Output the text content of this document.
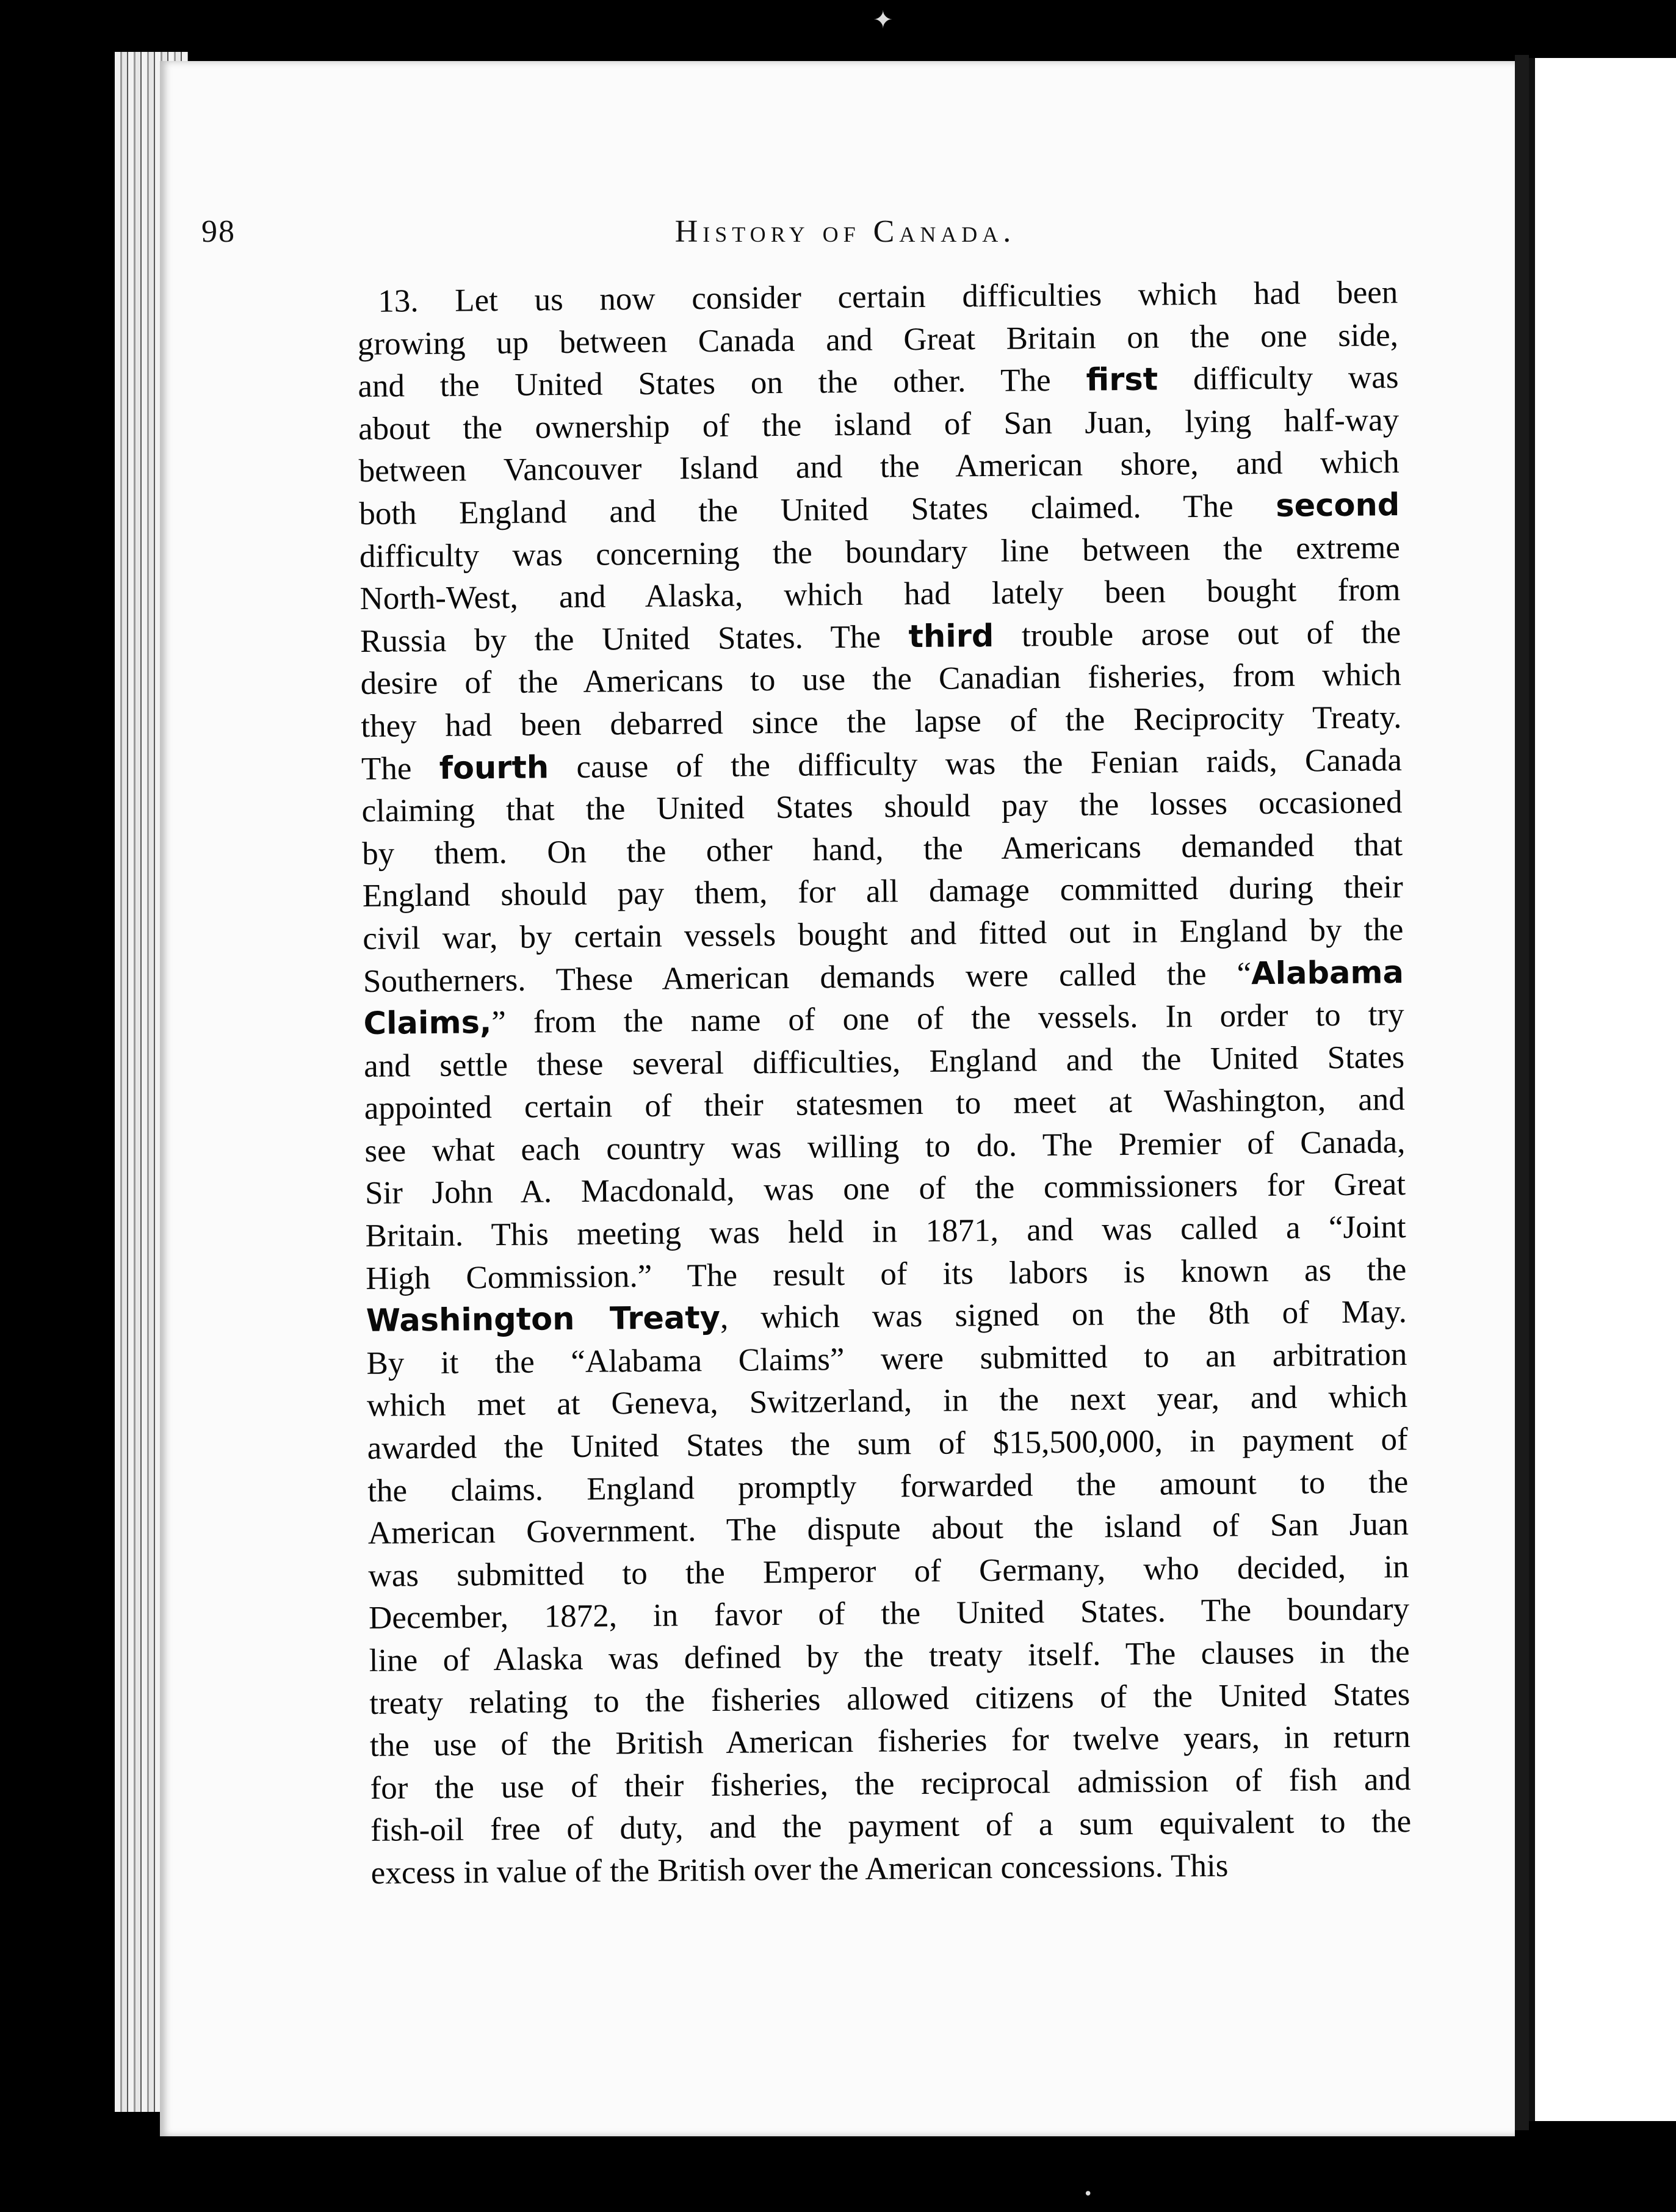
✦
•
98	History of Canada.
13. Let us now consider certain difficulties which had been
growing up between Canada and Great Britain on the one side,
and the United States on the other. The first difficulty was
about the ownership of the island of San Juan, lying half-way
between Vancouver Island and the American shore, and which
both England and the United States claimed. The second
difficulty was concerning the boundary line between the extreme
North-West, and Alaska, which had lately been bought from
Russia by the United States. The third trouble arose out of the
desire of the Americans to use the Canadian fisheries, from which
they had been debarred since the lapse of the Reciprocity Treaty.
The fourth cause of the difficulty was the Fenian raids, Canada
claiming that the United States should pay the losses occasioned
by them. On the other hand, the Americans demanded that
England should pay them, for all damage committed during their
civil war, by certain vessels bought and fitted out in England by the
Southerners. These American demands were called the “Alabama
Claims,” from the name of one of the vessels. In order to try
and settle these several difficulties, England and the United States
appointed certain of their statesmen to meet at Washington, and
see what each country was willing to do. The Premier of Canada,
Sir John A. Macdonald, was one of the commissioners for Great
Britain. This meeting was held in 1871, and was called a “Joint
High Commission.” The result of its labors is known as the
Washington Treaty, which was signed on the 8th of May.
By it the “Alabama Claims” were submitted to an arbitration
which met at Geneva, Switzerland, in the next year, and which
awarded the United States the sum of $15,500,000, in payment of
the claims. England promptly forwarded the amount to the
American Government. The dispute about the island of San Juan
was submitted to the Emperor of Germany, who decided, in
December, 1872, in favor of the United States. The boundary
line of Alaska was defined by the treaty itself. The clauses in the
treaty relating to the fisheries allowed citizens of the United States
the use of the British American fisheries for twelve years, in return
for the use of their fisheries, the reciprocal admission of fish and
fish-oil free of duty, and the payment of a sum equivalent to the
excess in value of the British over the American concessions. This
